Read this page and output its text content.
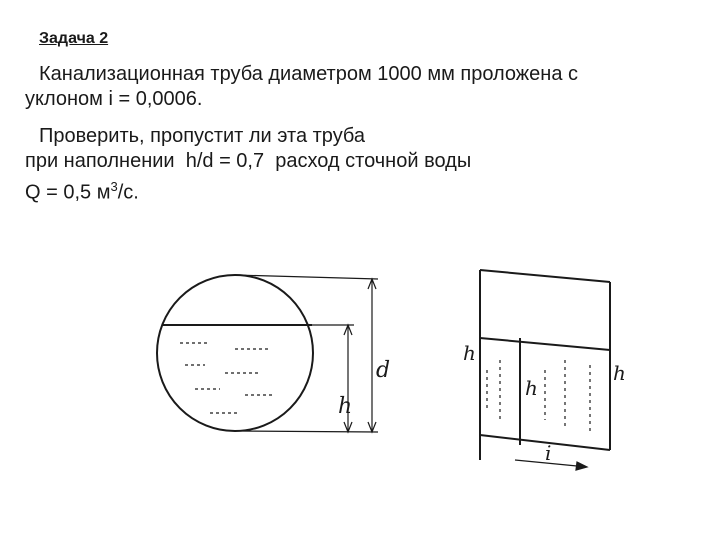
Задача 2
Канализационная труба диаметром 1000 мм проложена с
уклоном i = 0,0006.
Проверить, пропустит ли эта труба
при наполнении  h/d = 0,7  расход сточной воды
Q = 0,5 $м^3/с$.
d
h
h
h
h
i
